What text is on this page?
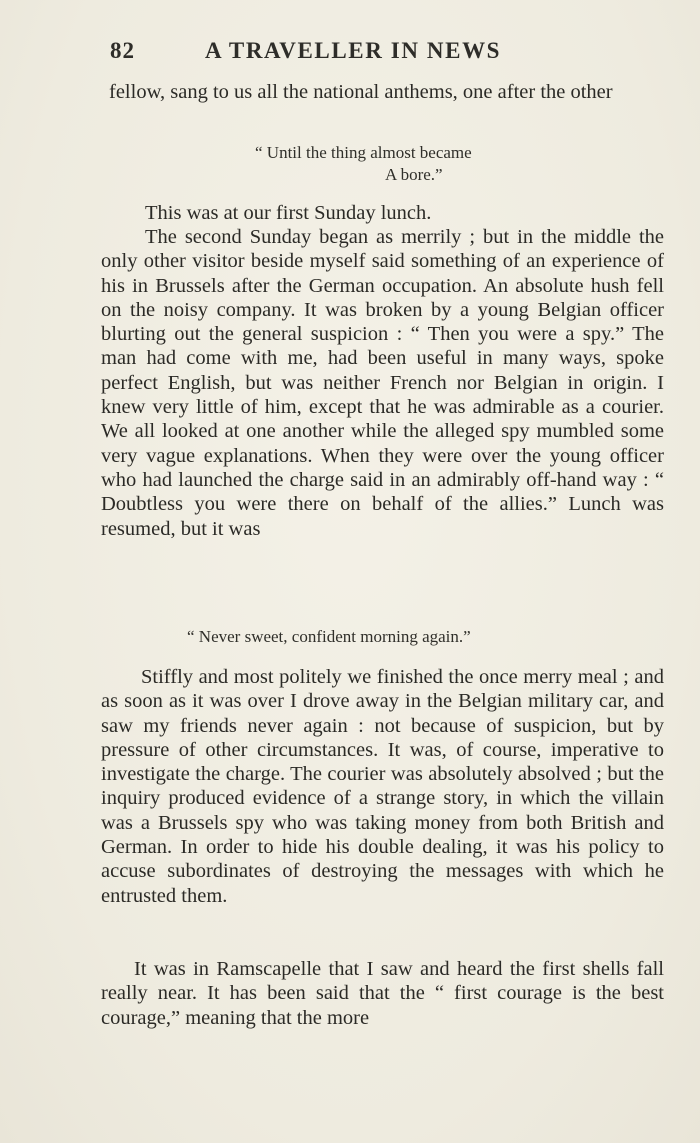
82	A TRAVELLER IN NEWS

fellow, sang to us all the national anthems, one after the other

“ Until the thing almost became
A bore.”

This was at our first Sunday lunch.

The second Sunday began as merrily ; but in the middle the only other visitor beside myself said something of an experience of his in Brussels after the German occupation. An absolute hush fell on the noisy company. It was broken by a young Belgian officer blurting out the general suspicion : “ Then you were a spy.” The man had come with me, had been useful in many ways, spoke perfect English, but was neither French nor Belgian in origin. I knew very little of him, except that he was admirable as a courier. We all looked at one another while the alleged spy mumbled some very vague explanations. When they were over the young officer who had launched the charge said in an admirably off-hand way : “ Doubtless you were there on behalf of the allies.” Lunch was resumed, but it was

“ Never sweet, confident morning again.”

Stiffly and most politely we finished the once merry meal ; and as soon as it was over I drove away in the Belgian military car, and saw my friends never again : not because of suspicion, but by pressure of other circumstances. It was, of course, imperative to investigate the charge. The courier was absolutely absolved ; but the inquiry produced evidence of a strange story, in which the villain was a Brussels spy who was taking money from both British and German. In order to hide his double dealing, it was his policy to accuse subordinates of destroying the messages with which he entrusted them.

It was in Ramscapelle that I saw and heard the first shells fall really near. It has been said that the “ first courage is the best courage,” meaning that the more
